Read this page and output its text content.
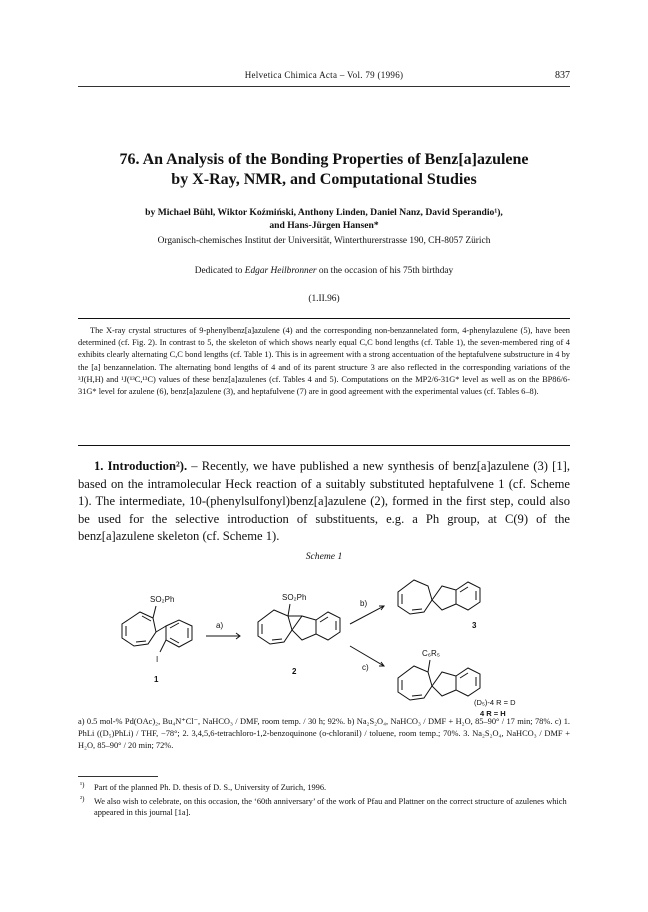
Helvetica Chimica Acta – Vol. 79 (1996)	837
76. An Analysis of the Bonding Properties of Benz[a]azulene
by X-Ray, NMR, and Computational Studies
by Michael Bühl, Wiktor Koźmiński, Anthony Linden, Daniel Nanz, David Sperandio¹),
and Hans-Jürgen Hansen*
Organisch-chemisches Institut der Universität, Winterthurerstrasse 190, CH-8057 Zürich
Dedicated to Edgar Heilbronner on the occasion of his 75th birthday
(1.II.96)
The X-ray crystal structures of 9-phenylbenz[a]azulene (4) and the corresponding non-benzannelated form, 4-phenylazulene (5), have been determined (cf. Fig. 2). In contrast to 5, the skeleton of which shows nearly equal C,C bond lengths (cf. Table 1), the seven-membered ring of 4 exhibits clearly alternating C,C bond lengths (cf. Table 1). This is in agreement with a strong accentuation of the heptafulvene substructure in 4 by the [a] benzannelation. The alternating bond lengths of 4 and of its parent structure 3 are also reflected in the corresponding variations of the ³J(H,H) and ¹J(¹³C,¹³C) values of these benz[a]azulenes (cf. Tables 4 and 5). Computations on the MP2/6-31G* level as well as on the BP86/6-31G* level for azulene (6), benz[a]azulene (3), and heptafulvene (7) are in good agreement with the experimental values (cf. Tables 6–8).
1. Introduction²). – Recently, we have published a new synthesis of benz[a]azulene (3) [1], based on the intramolecular Heck reaction of a suitably substituted heptafulvene 1 (cf. Scheme 1). The intermediate, 10-(phenylsulfonyl)benz[a]azulene (2), formed in the first step, could also be used for the selective introduction of substituents, e.g. a Ph group, at C(9) of the benz[a]azulene skeleton (cf. Scheme 1).
Scheme 1
SO₂Ph
I
1
a)
SO₂Ph
2
b)
c)
3
C₆R₅
4 R = H
(D₅)-4 R = D
a) 0.5 mol-% Pd(OAc)₂, Bu₄N⁺Cl⁻, NaHCO₃ / DMF, room temp. / 30 h; 92%. b) Na₂S₂O₄, NaHCO₃ / DMF + H₂O, 85–90° / 17 min; 78%. c) 1. PhLi ((D₅)PhLi) / THF, −78°; 2. 3,4,5,6-tetrachloro-1,2-benzoquinone (o-chloranil) / toluene, room temp.; 70%. 3. Na₂S₂O₄, NaHCO₃ / DMF + H₂O, 85–90° / 20 min; 72%.
¹)	Part of the planned Ph. D. thesis of D. S., University of Zurich, 1996.
²)	We also wish to celebrate, on this occasion, the ‘60th anniversary’ of the work of Pfau and Plattner on the correct structure of azulenes which appeared in this journal [1a].
